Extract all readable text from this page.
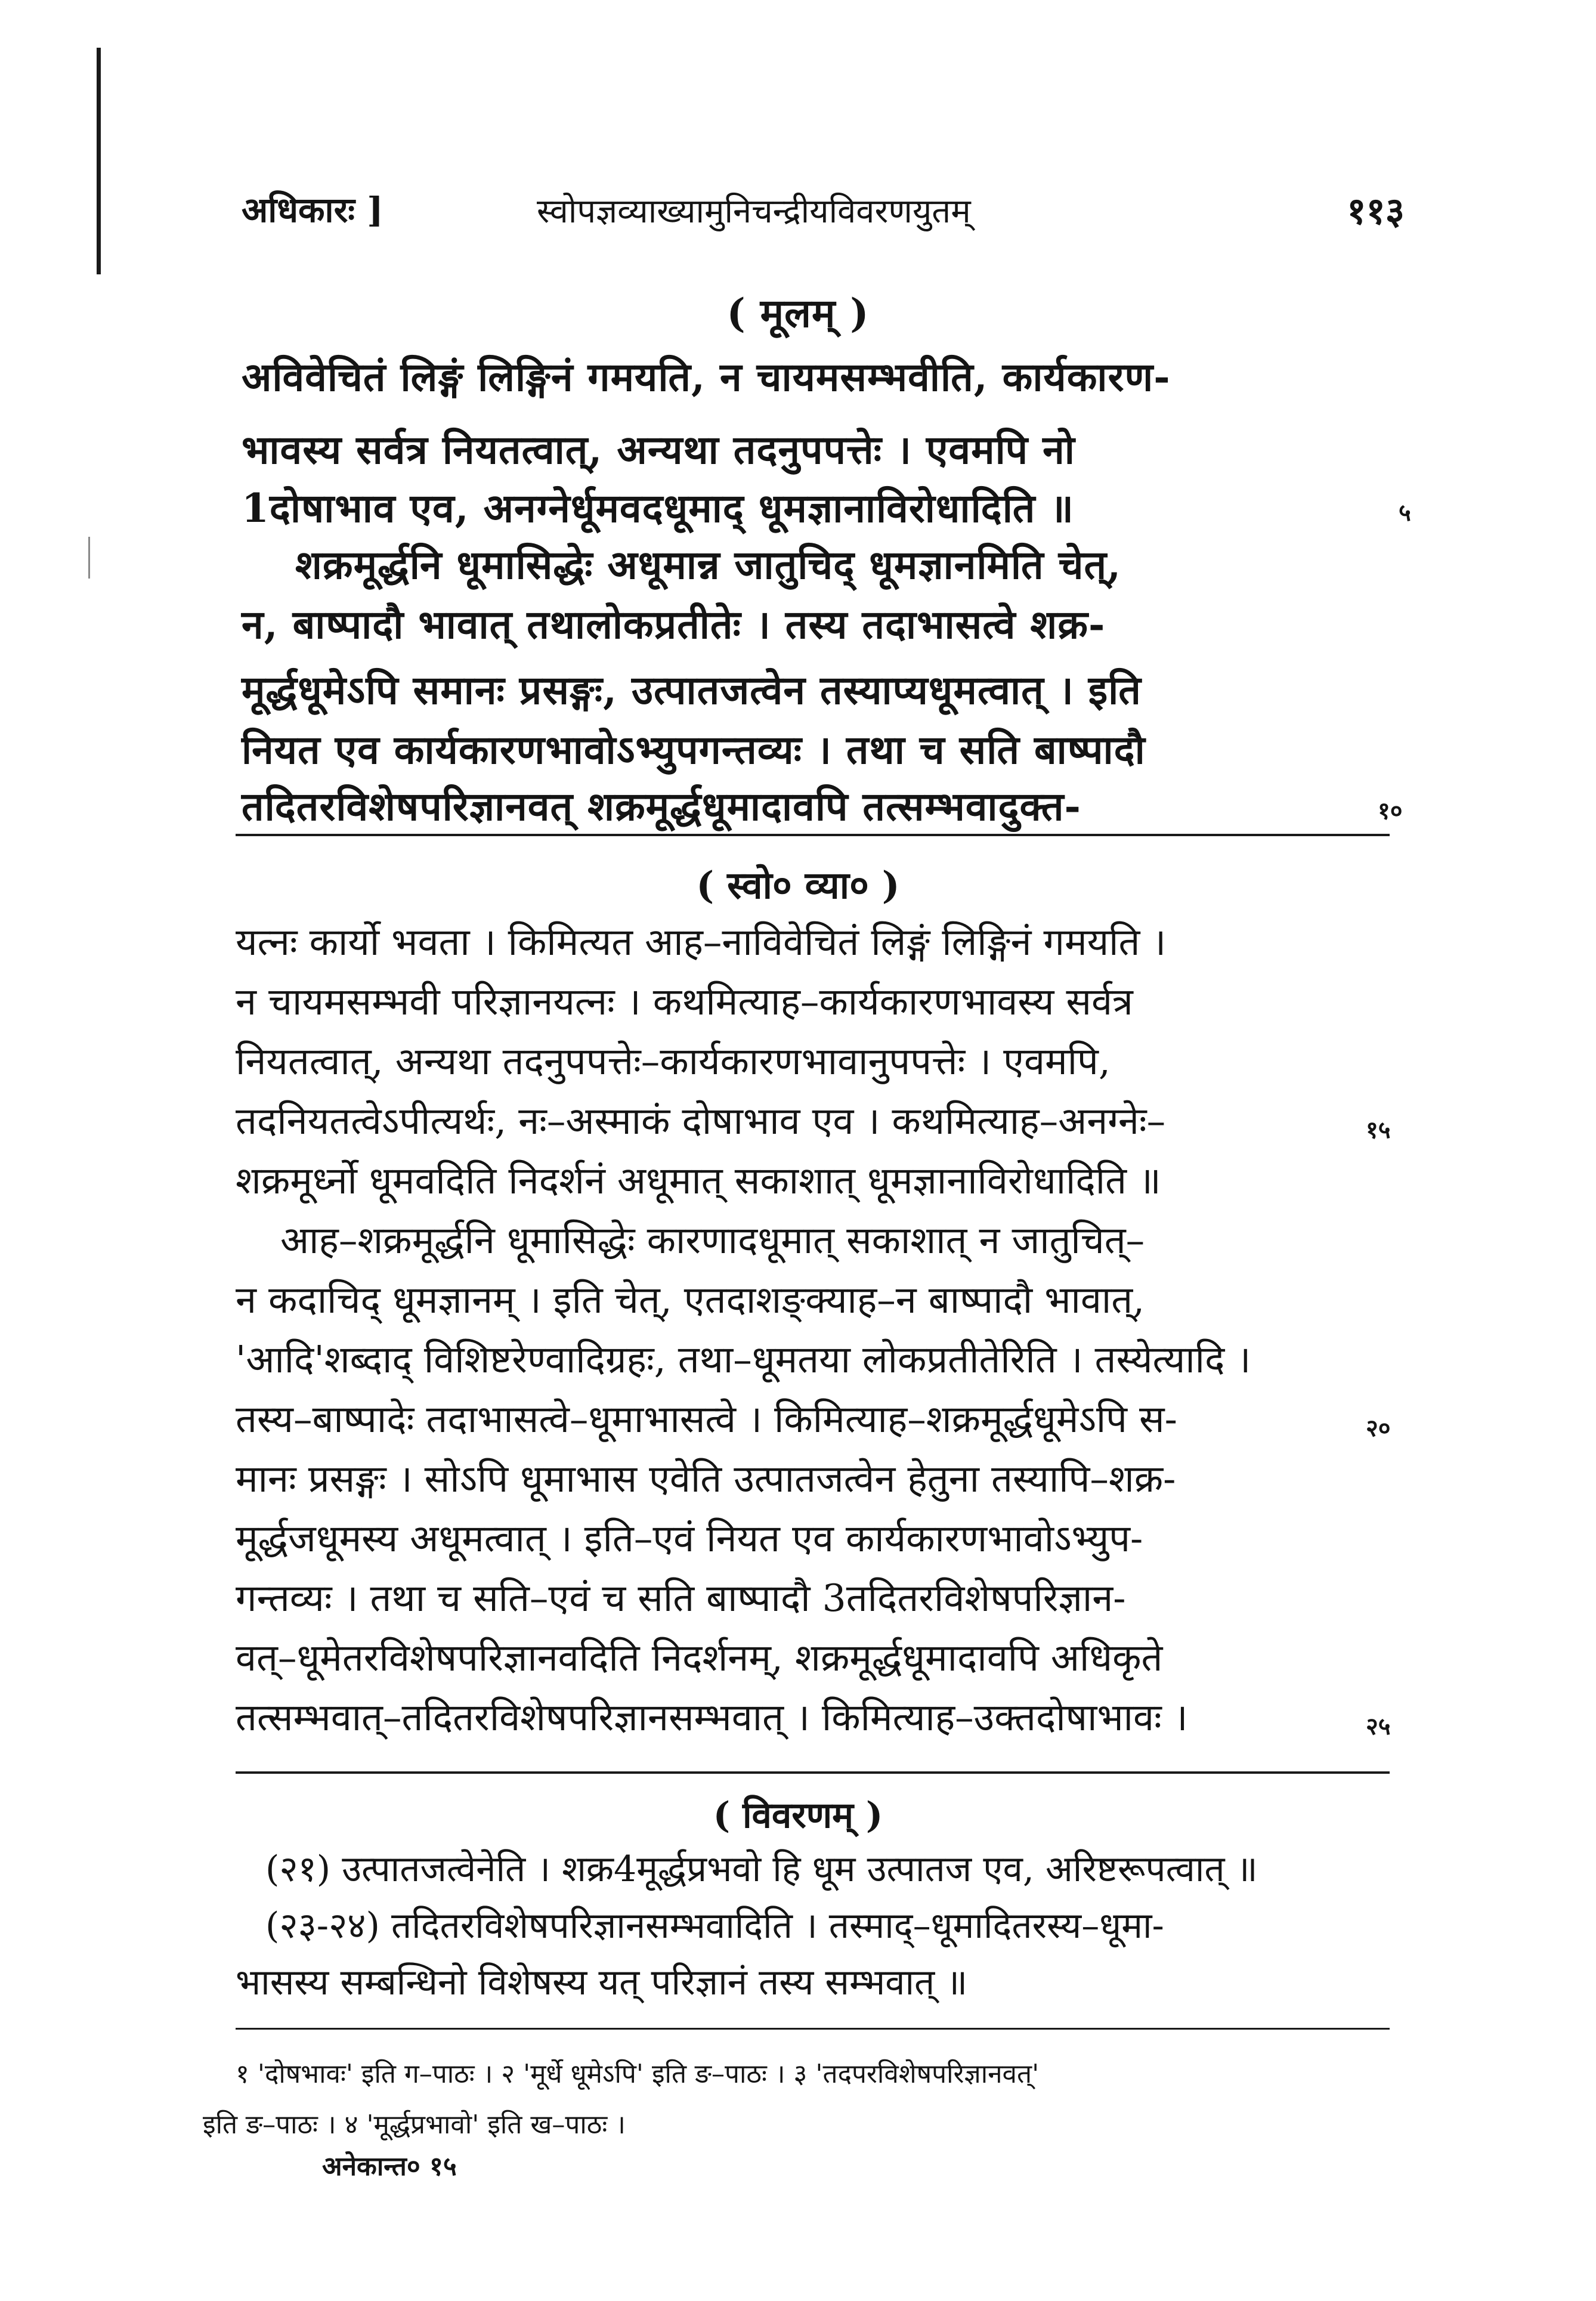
अधिकारः ]	स्वोपज्ञव्याख्यामुनिचन्द्रीयविवरणयुतम्	११३
( मूलम् )
अविवेचितं लिङ्गं लिङ्गिनं गमयति, न चायमसम्भवीति, कार्यकारण-
भावस्य सर्वत्र नियतत्वात्, अन्यथा तदनुपपत्तेः । एवमपि नो
1दोषाभाव एव, अनग्नेर्धूमवदधूमाद् धूमज्ञानाविरोधादिति ॥
शक्रमूर्द्धनि धूमासिद्धेः अधूमान्न जातुचिद् धूमज्ञानमिति चेत्,
न, बाष्पादौ भावात् तथालोकप्रतीतेः । तस्य तदाभासत्वे शक्र-
मूर्द्धधूमेऽपि समानः प्रसङ्गः, उत्पातजत्वेन तस्याप्यधूमत्वात् । इति
नियत एव कार्यकारणभावोऽभ्युपगन्तव्यः । तथा च सति बाष्पादौ
तदितरविशेषपरिज्ञानवत् शक्रमूर्द्धधूमादावपि तत्सम्भवादुक्त-
५
१०
( स्वो० व्या० )
यत्नः कार्यो भवता । किमित्यत आह–नाविवेचितं लिङ्गं लिङ्गिनं गमयति ।
न चायमसम्भवी परिज्ञानयत्नः । कथमित्याह–कार्यकारणभावस्य सर्वत्र
नियतत्वात्, अन्यथा तदनुपपत्तेः–कार्यकारणभावानुपपत्तेः । एवमपि,
तदनियतत्वेऽपीत्यर्थः, नः–अस्माकं दोषाभाव एव । कथमित्याह–अनग्नेः–
शक्रमूर्ध्नो धूमवदिति निदर्शनं अधूमात् सकाशात् धूमज्ञानाविरोधादिति ॥
आह–शक्रमूर्द्धनि धूमासिद्धेः कारणादधूमात् सकाशात् न जातुचित्–
न कदाचिद् धूमज्ञानम् । इति चेत्, एतदाशङ्क्याह–न बाष्पादौ भावात्,
'आदि'शब्दाद् विशिष्टरेण्वादिग्रहः, तथा–धूमतया लोकप्रतीतेरिति । तस्येत्यादि ।
तस्य–बाष्पादेः तदाभासत्वे–धूमाभासत्वे । किमित्याह–शक्रमूर्द्धधूमेऽपि स-
मानः प्रसङ्गः । सोऽपि धूमाभास एवेति उत्पातजत्वेन हेतुना तस्यापि–शक्र-
मूर्द्धजधूमस्य अधूमत्वात् । इति–एवं नियत एव कार्यकारणभावोऽभ्युप-
गन्तव्यः । तथा च सति–एवं च सति बाष्पादौ 3तदितरविशेषपरिज्ञान-
वत्–धूमेतरविशेषपरिज्ञानवदिति निदर्शनम्, शक्रमूर्द्धधूमादावपि अधिकृते
तत्सम्भवात्–तदितरविशेषपरिज्ञानसम्भवात् । किमित्याह–उक्तदोषाभावः ।
१५
२०
२५
( विवरणम् )
(२१) उत्पातजत्वेनेति । शक्र4मूर्द्धप्रभवो हि धूम उत्पातज एव, अरिष्टरूपत्वात् ॥
(२३-२४) तदितरविशेषपरिज्ञानसम्भवादिति । तस्माद्–धूमादितरस्य–धूमा-
भासस्य सम्बन्धिनो विशेषस्य यत् परिज्ञानं तस्य सम्भवात् ॥
१ 'दोषभावः' इति ग–पाठः । २ 'मूर्धे धूमेऽपि' इति ङ–पाठः । ३ 'तदपरविशेषपरिज्ञानवत्'
इति ङ–पाठः । ४ 'मूर्द्धप्रभावो' इति ख–पाठः ।
अनेकान्त० १५
